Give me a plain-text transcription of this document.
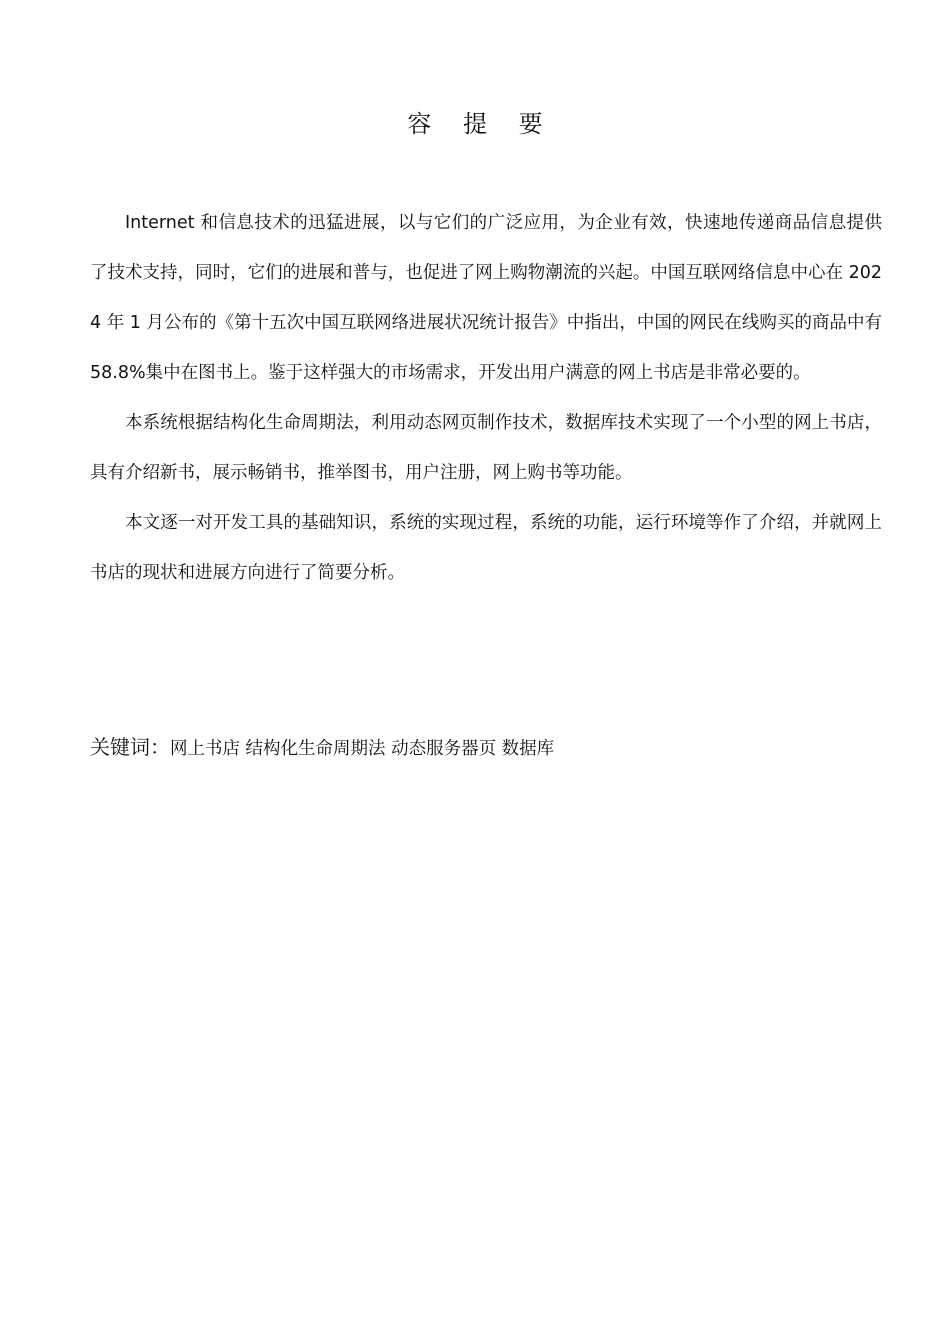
容 提 要

Internet 和信息技术的迅猛进展，以与它们的广泛应用，为企业有效，快速地传递商品信息提供了技术支持，同时，它们的进展和普与，也促进了网上购物潮流的兴起。中国互联网络信息中心在 2024 年 1 月公布的《第十五次中国互联网络进展状况统计报告》中指出，中国的网民在线购买的商品中有 58.8%集中在图书上。鉴于这样强大的市场需求，开发出用户满意的网上书店是非常必要的。

本系统根据结构化生命周期法，利用动态网页制作技术，数据库技术实现了一个小型的网上书店，具有介绍新书，展示畅销书，推举图书，用户注册，网上购书等功能。

本文逐一对开发工具的基础知识，系统的实现过程，系统的功能，运行环境等作了介绍，并就网上书店的现状和进展方向进行了简要分析。

关键词：网上书店 结构化生命周期法 动态服务器页 数据库
